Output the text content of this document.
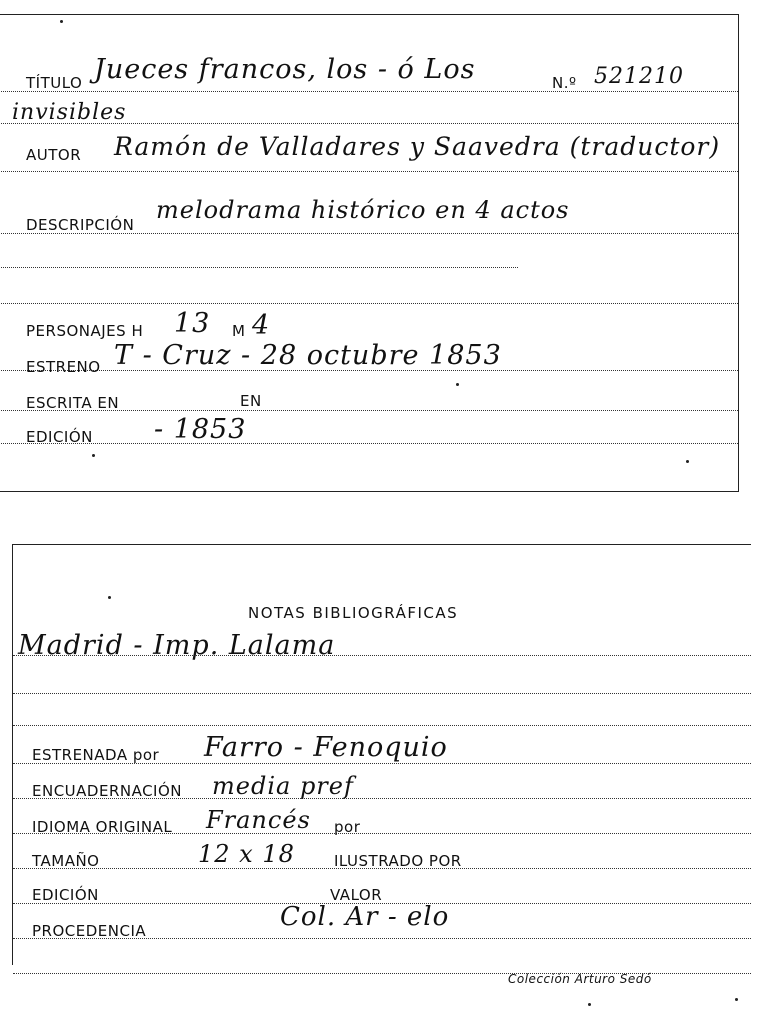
TÍTULO Jueces francos, los - ó Los	N.º 521210
invisibles
AUTOR Ramón de Valladares y Saavedra (traductor)
DESCRIPCIÓN
melodrama histórico en 4 actos
PERSONAJES H 13 M 4
ESTRENO T - Cruz - 28 octubre 1853
ESCRITA EN	EN
EDICIÓN - 1853
NOTAS BIBLIOGRÁFICAS
Madrid - Imp. Lalama
ESTRENADA por Farro - Fenoquio
ENCUADERNACIÓN media pref
IDIOMA ORIGINAL Francés por
TAMAÑO	12 x 18	ILUSTRADO POR
EDICIÓN	VALOR
PROCEDENCIA	Col. Ar - elo
Colección Arturo Sedó
